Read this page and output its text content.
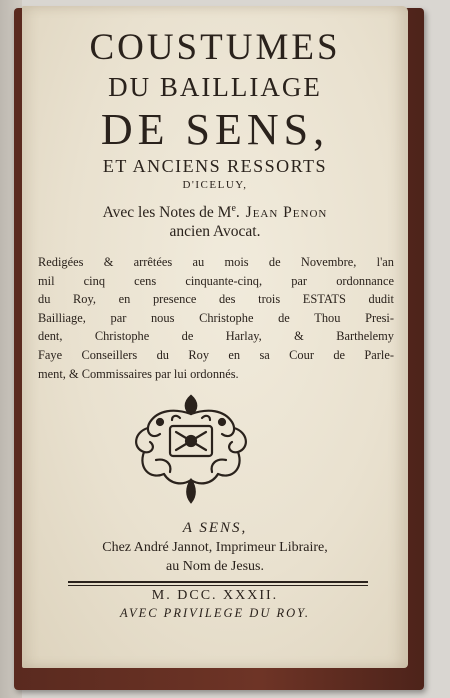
COUSTUMES
DU BAILLIAGE
DE SENS,
ET ANCIENS RESSORTS
D'ICELUY,
Avec les Notes de Me. Jean Penon
ancien Avocat.
Redigées & arrêtées au mois de Novembre, l'an
mil cinq cens cinquante-cinq, par ordonnance
du Roy, en presence des trois ESTATS dudit
Bailliage, par nous Christophe de Thou Presi-
dent, Christophe de Harlay, & Barthelemy
Faye Conseillers du Roy en sa Cour de Parle-
ment, & Commissaires par lui ordonnés.
A SENS,
Chez André Jannot, Imprimeur Libraire,
au Nom de Jesus.
M. DCC. XXXII.
AVEC PRIVILEGE DU ROY.
